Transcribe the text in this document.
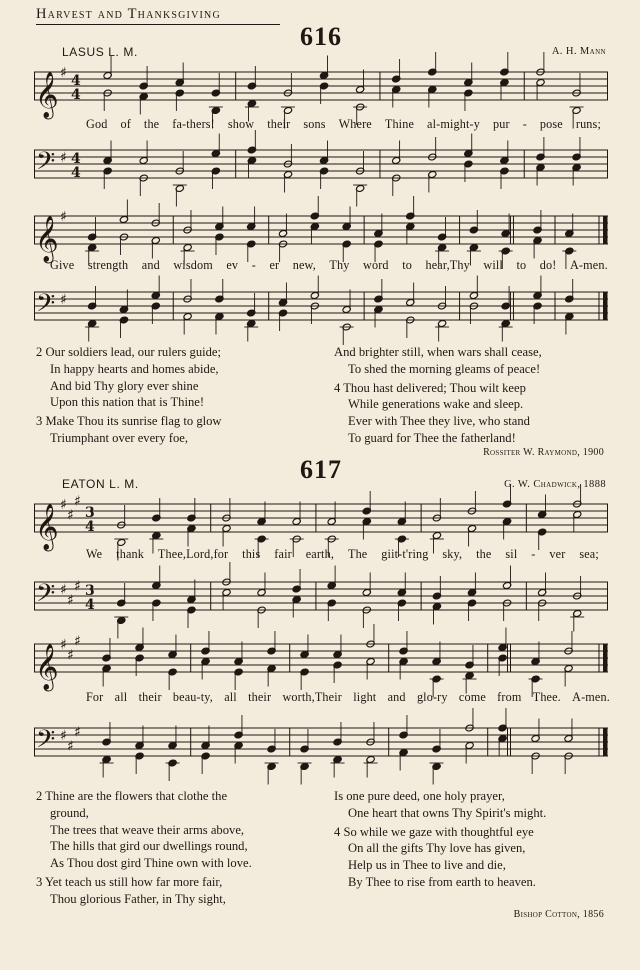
Harvest and Thanksgiving
616
LASUS L. M.	A. H. Mann
𝄞 ♯ 4
4
God of the fa-thers! show their sons Where Thine al-might-y pur - pose runs;
𝄢 ♯ 4
4
𝄞 ♯
Give strength and wisdom ev - er new, Thy word to hear,Thy will to do! A-men.
𝄢 ♯
2 Our soldiers lead, our rulers guide;
In happy hearts and homes abide,
And bid Thy glory ever shine
Upon this nation that is Thine!
3 Make Thou its sunrise flag to glow
Triumphant over every foe,
And brighter still, when wars shall cease,
To shed the morning gleams of peace!
4 Thou hast delivered; Thou wilt keep
While generations wake and sleep.
Ever with Thee they live, who stand
To guard for Thee the fatherland!
Rossiter W. Raymond, 1900
617
EATON L. M.	G. W. Chadwick, 1888
𝄞 ♯
♯
♯
3
4
We thank Thee,Lord,for this fair earth, The giit-t'ring sky, the sil - ver sea;
𝄢 ♯
♯
♯ 3
4
𝄞 ♯
♯
♯
For all their beau-ty, all their worth,Their light and glo-ry come from Thee. A-men.
𝄢 ♯
♯
♯
2 Thine are the flowers that clothe the
ground,
The trees that weave their arms above,
The hills that gird our dwellings round,
As Thou dost gird Thine own with love.
3 Yet teach us still how far more fair,
Thou glorious Father, in Thy sight,
Is one pure deed, one holy prayer,
One heart that owns Thy Spirit's might.
4 So while we gaze with thoughtful eye
On all the gifts Thy love has given,
Help us in Thee to live and die,
By Thee to rise from earth to heaven.
Bishop Cotton, 1856
